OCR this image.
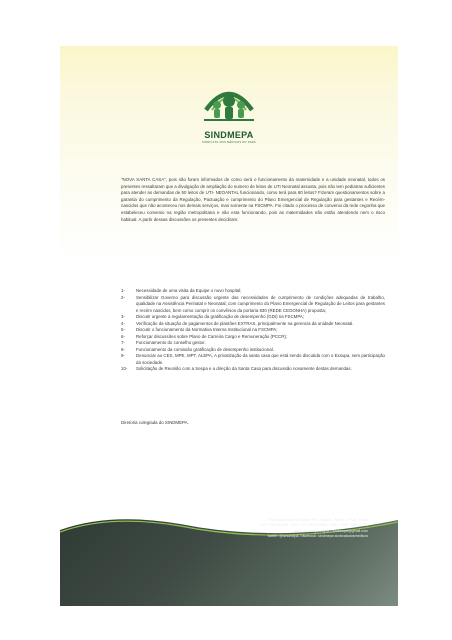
SINDMEPA
SINDICATO DOS MÉDICOS DO PARÁ

"NOVA SANTA CASA", pois não foram informados de como será o funcionamento da maternidade e a unidade neonatal, todos os presentes ressaltaram que a divulgação de ampliação do numero de leitos de UTI Neonatal assusta, pois não tem pediatras suficientes para atender as demandas de 50 leitos de UTI- NEOANTAL funcionando, como terá para 60 leitos? Fizeram questionamentos sobre a garantia do cumprimento da Regulação, Pactuação e cumprimento do Plano Emergencial de Regulação para gestantes e Recém-nascidos que não aconteceu nos demais serviços, mas somente na FSCMPA. Foi citado o processo de convenio da rede cegonha que estabeleceu convenio na região metropolitana e não esta funcionando, pois as maternidades não estão atendendo nem o risco habitual. A partir dessas discussões os presentes decidiram:

1-	Necessidade de uma visita da Equipe o novo hospital;
2-	Sensibilizar Governo para discussão urgente das necessidades de cumprimento de condições adequadas de trabalho, qualidade na Assistência Perinatal e Neonatal; com cumprimento do Plano Emergencial de Regulação de Leitos para gestantes e recém nascidos, bem como cumprir os convênios da portaria 930 (REDE CEGONHA) proposta;
3-	Discutir urgente a regulamentação da gratificação de desempenho (GDI) na FSCMPA;
4-	Verificação da situação de pagamentos de plantões EXTRAS, principalmente na gerencia da unidade Neonatal.
5-	Discutir o funcionamento da Normativa Interna Institucional na FSCMPA;
6-	Reforçar discussões sobre Plano de Carreira Cargo e Remuneração (PCCR);
7-	Funcionamento do conselho gestor.
8-	Funcionamento da comissão gratificação de desempenho institucional.
9-	Denunciar ao CES, MPE, MPT, ALEPA, A privatização da santa casa que está sendo discutida com o Exsupa, sem participação da sociedade.
10-	Solicitação de Reunião com a Sespa e a direção da Santa Casa para discussão novamente destas demandas.

Diretoria colegiada do SINDMEPA.

Rua Boaventura da Silva, 998 / Nazaré - Belém - Pará - Brasil
CEP.: 66.055-090 / Fone: (91) 3224-3090 / 7108 / 3083 / 9989-3466
www.sindmepa.org.br / sindmepa@gmail.com
twitter: @sindmepa / facebook: sindmepa sindicatodosmedicos
